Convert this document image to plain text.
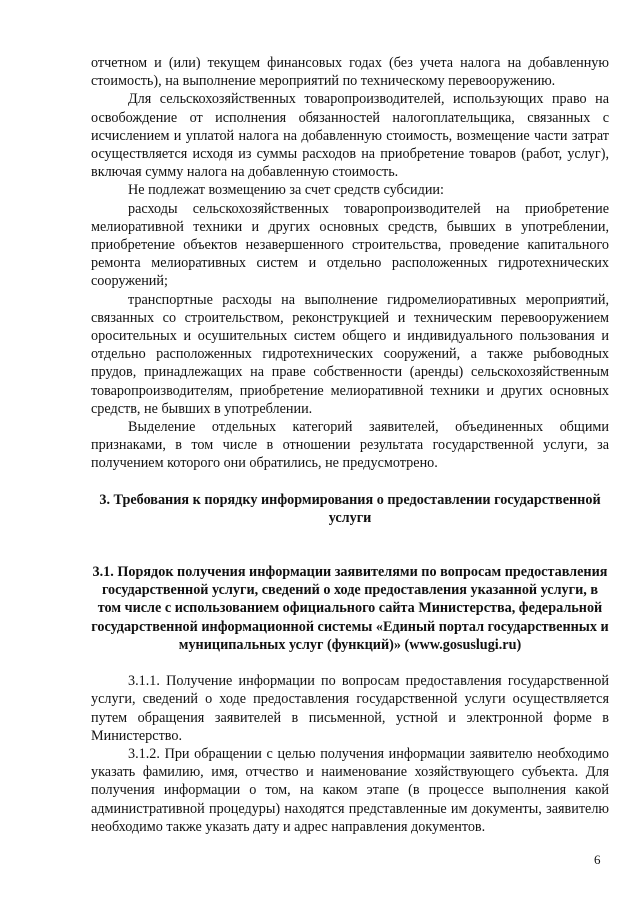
отчетном и (или) текущем финансовых годах (без учета налога на добавленную стоимость), на выполнение мероприятий по техническому перевооружению.

Для сельскохозяйственных товаропроизводителей, использующих право на освобождение от исполнения обязанностей налогоплательщика, связанных с исчислением и уплатой налога на добавленную стоимость, возмещение части затрат осуществляется исходя из суммы расходов на приобретение товаров (работ, услуг), включая сумму налога на добавленную стоимость.

Не подлежат возмещению за счет средств субсидии:

расходы сельскохозяйственных товаропроизводителей на приобретение мелиоративной техники и других основных средств, бывших в употреблении, приобретение объектов незавершенного строительства, проведение капитального ремонта мелиоративных систем и отдельно расположенных гидротехнических сооружений;

транспортные расходы на выполнение гидромелиоративных мероприятий, связанных со строительством, реконструкцией и техническим перевооружением оросительных и осушительных систем общего и индивидуального пользования и отдельно расположенных гидротехнических сооружений, а также рыбоводных прудов, принадлежащих на праве собственности (аренды) сельскохозяйственным товаропроизводителям, приобретение мелиоративной техники и других основных средств, не бывших в употреблении.

Выделение отдельных категорий заявителей, объединенных общими признаками, в том числе в отношении результата государственной услуги, за получением которого они обратились, не предусмотрено.

3. Требования к порядку информирования о предоставлении государственной услуги

3.1. Порядок получения информации заявителями по вопросам предоставления государственной услуги, сведений о ходе предоставления указанной услуги, в том числе с использованием официального сайта Министерства, федеральной государственной информационной системы «Единый портал государственных и муниципальных услуг (функций)» (www.gosuslugi.ru)

3.1.1. Получение информации по вопросам предоставления государственной услуги, сведений о ходе предоставления государственной услуги осуществляется путем обращения заявителей в письменной, устной и электронной форме в Министерство.

3.1.2. При обращении с целью получения информации заявителю необходимо указать фамилию, имя, отчество и наименование хозяйствующего субъекта. Для получения информации о том, на каком этапе (в процессе выполнения какой административной процедуры) находятся представленные им документы, заявителю необходимо также указать дату и адрес направления документов.

6
